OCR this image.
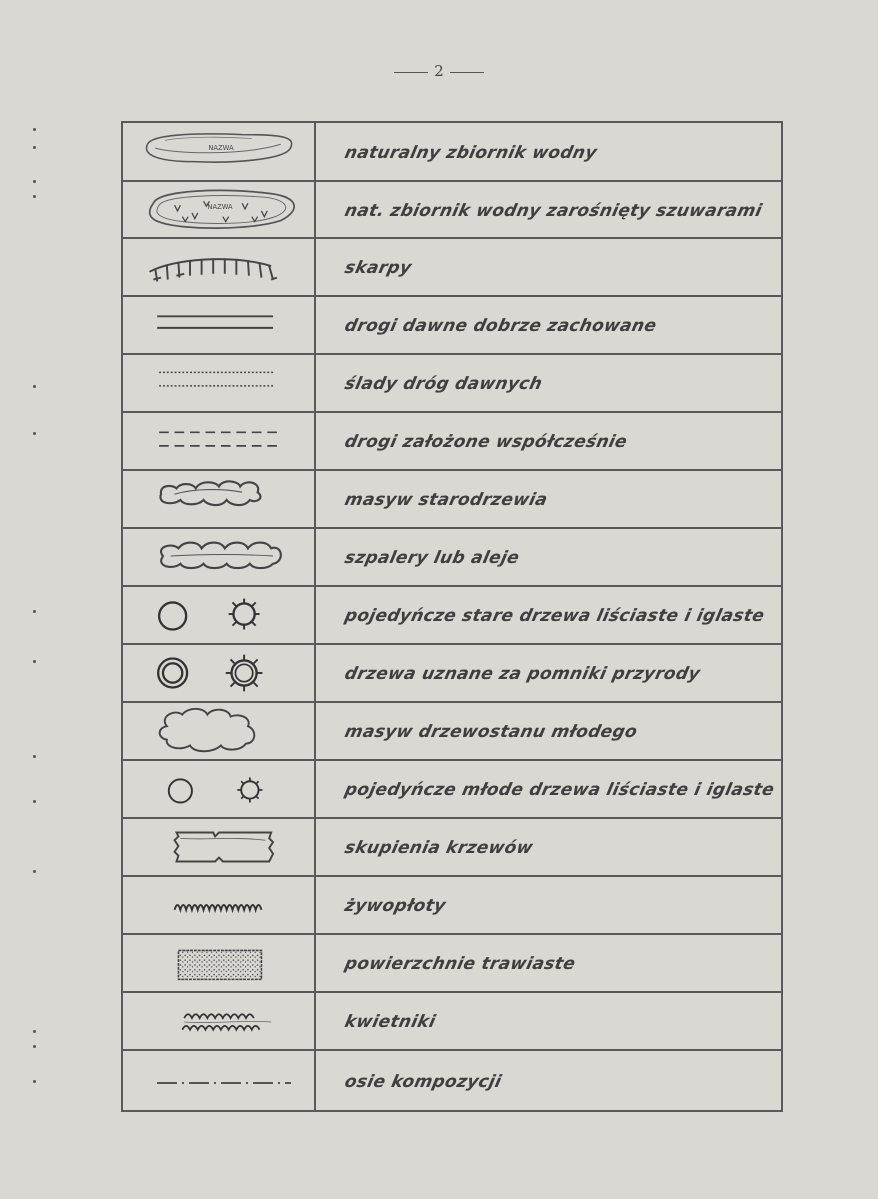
2
NAZWA	naturalny zbiornik wodny
NAZWA	nat. zbiornik wodny zarośnięty szuwarami
skarpy
drogi dawne dobrze zachowane
ślady dróg dawnych
drogi założone współcześnie
masyw starodrzewia
szpalery lub aleje
pojedyńcze stare drzewa liściaste i iglaste
drzewa uznane za pomniki przyrody
masyw drzewostanu młodego
pojedyńcze młode drzewa liściaste i iglaste
skupienia krzewów
żywopłoty
powierzchnie trawiaste
kwietniki
osie kompozycji
